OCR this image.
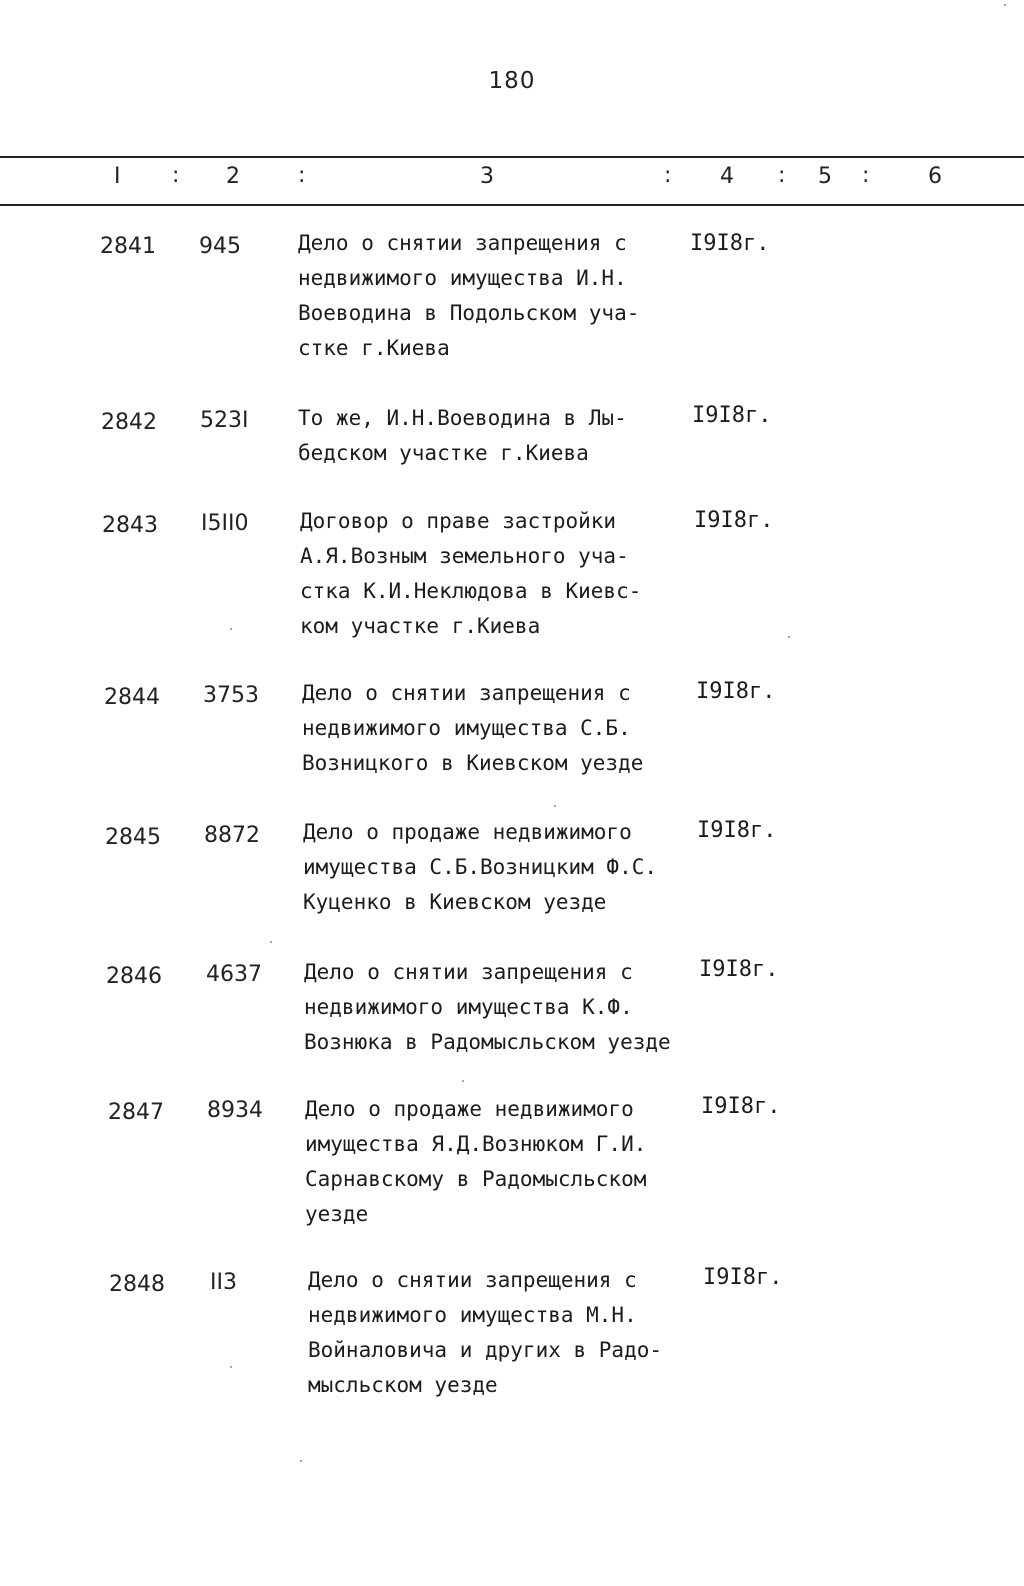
180
I : 2	:	3	: 4 : 5 :	6
2841 945	Дело о снятии запрещения с
недвижимого имущества И.Н.
Воеводина в Подольском уча-
стке г.Киева
I9I8г.
2842 523I То же, И.Н.Воеводина в Лы-
бедском участке г.Киева
I9I8г.
2843 I5II0 Договор о праве застройки
А.Я.Возным земельного уча-
стка К.И.Неклюдова в Киевс-
ком участке г.Киева
I9I8г.
2844 3753 Дело о снятии запрещения с
недвижимого имущества С.Б.
Возницкого в Киевском уезде
I9I8г.
2845 8872 Дело о продаже недвижимого
имущества С.Б.Возницким Ф.С.
Куценко в Киевском уезде
I9I8г.
2846 4637 Дело о снятии запрещения с
недвижимого имущества К.Ф.
Вознюка в Радомысльском уезде
I9I8г.
2847 8934 Дело о продаже недвижимого
имущества Я.Д.Вознюком Г.И.
Сарнавскому в Радомысльском
уезде
I9I8г.
2848 II3	Дело о снятии запрещения с
недвижимого имущества М.Н.
Войналовича и других в Радо-
мысльском уезде
I9I8г.
